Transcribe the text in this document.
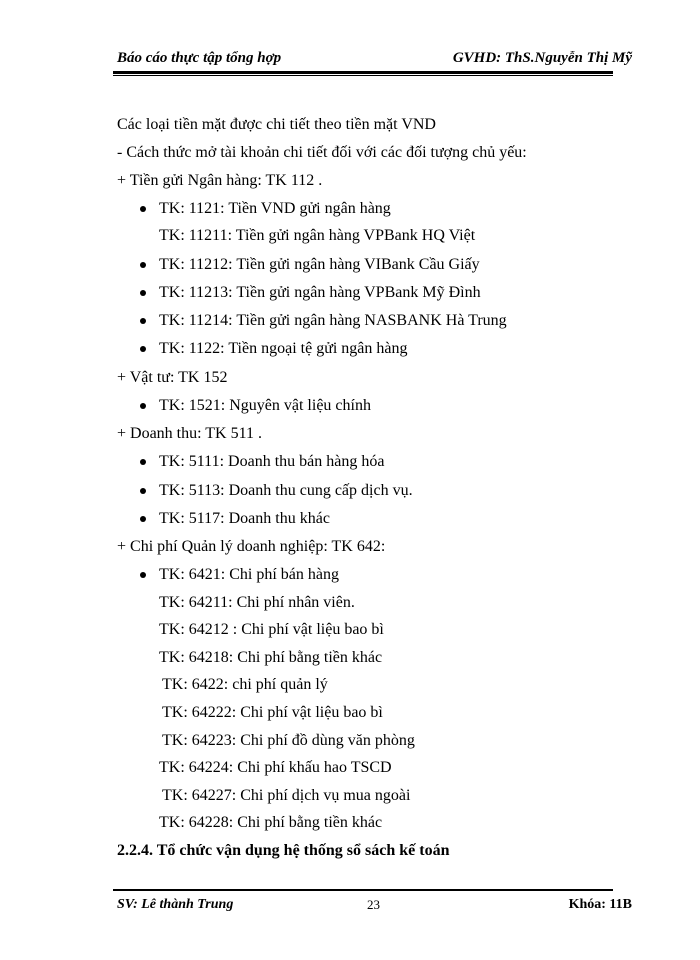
Báo cáo thực tập tổng hợp	GVHD: ThS.Nguyễn Thị Mỹ
Các loại tiền mặt được chi tiết theo tiền mặt VND
- Cách thức mở tài khoản chi tiết đối với các đối tượng chủ yếu:
+ Tiền gửi Ngân hàng: TK 112 .
TK: 1121: Tiền VND gửi ngân hàng
TK: 11211: Tiền gửi ngân hàng VPBank HQ Việt
TK: 11212: Tiền gửi ngân hàng VIBank Cầu Giấy
TK: 11213: Tiền gửi ngân hàng VPBank Mỹ Đình
TK: 11214: Tiền gửi ngân hàng NASBANK Hà Trung
TK: 1122: Tiền ngoại tệ gửi ngân hàng
+ Vật tư: TK 152
TK: 1521: Nguyên vật liệu chính
+ Doanh thu: TK 511 .
TK: 5111: Doanh thu bán hàng hóa
TK: 5113: Doanh thu cung cấp dịch vụ.
TK: 5117: Doanh thu khác
+ Chi phí Quản lý doanh nghiệp: TK 642:
TK: 6421: Chi phí bán hàng
TK: 64211: Chi phí nhân viên.
TK: 64212 : Chi phí vật liệu bao bì
TK: 64218: Chi phí bằng tiền khác
TK: 6422: chi phí quản lý
TK: 64222: Chi phí vật liệu bao bì
TK: 64223: Chi phí đồ dùng văn phòng
TK: 64224: Chi phí khấu hao TSCD
TK: 64227: Chi phí dịch vụ mua ngoài
TK: 64228: Chi phí bằng tiền khác
2.2.4. Tổ chức vận dụng hệ thống sổ sách kế toán
SV: Lê thành Trung	23	Khóa: 11B
